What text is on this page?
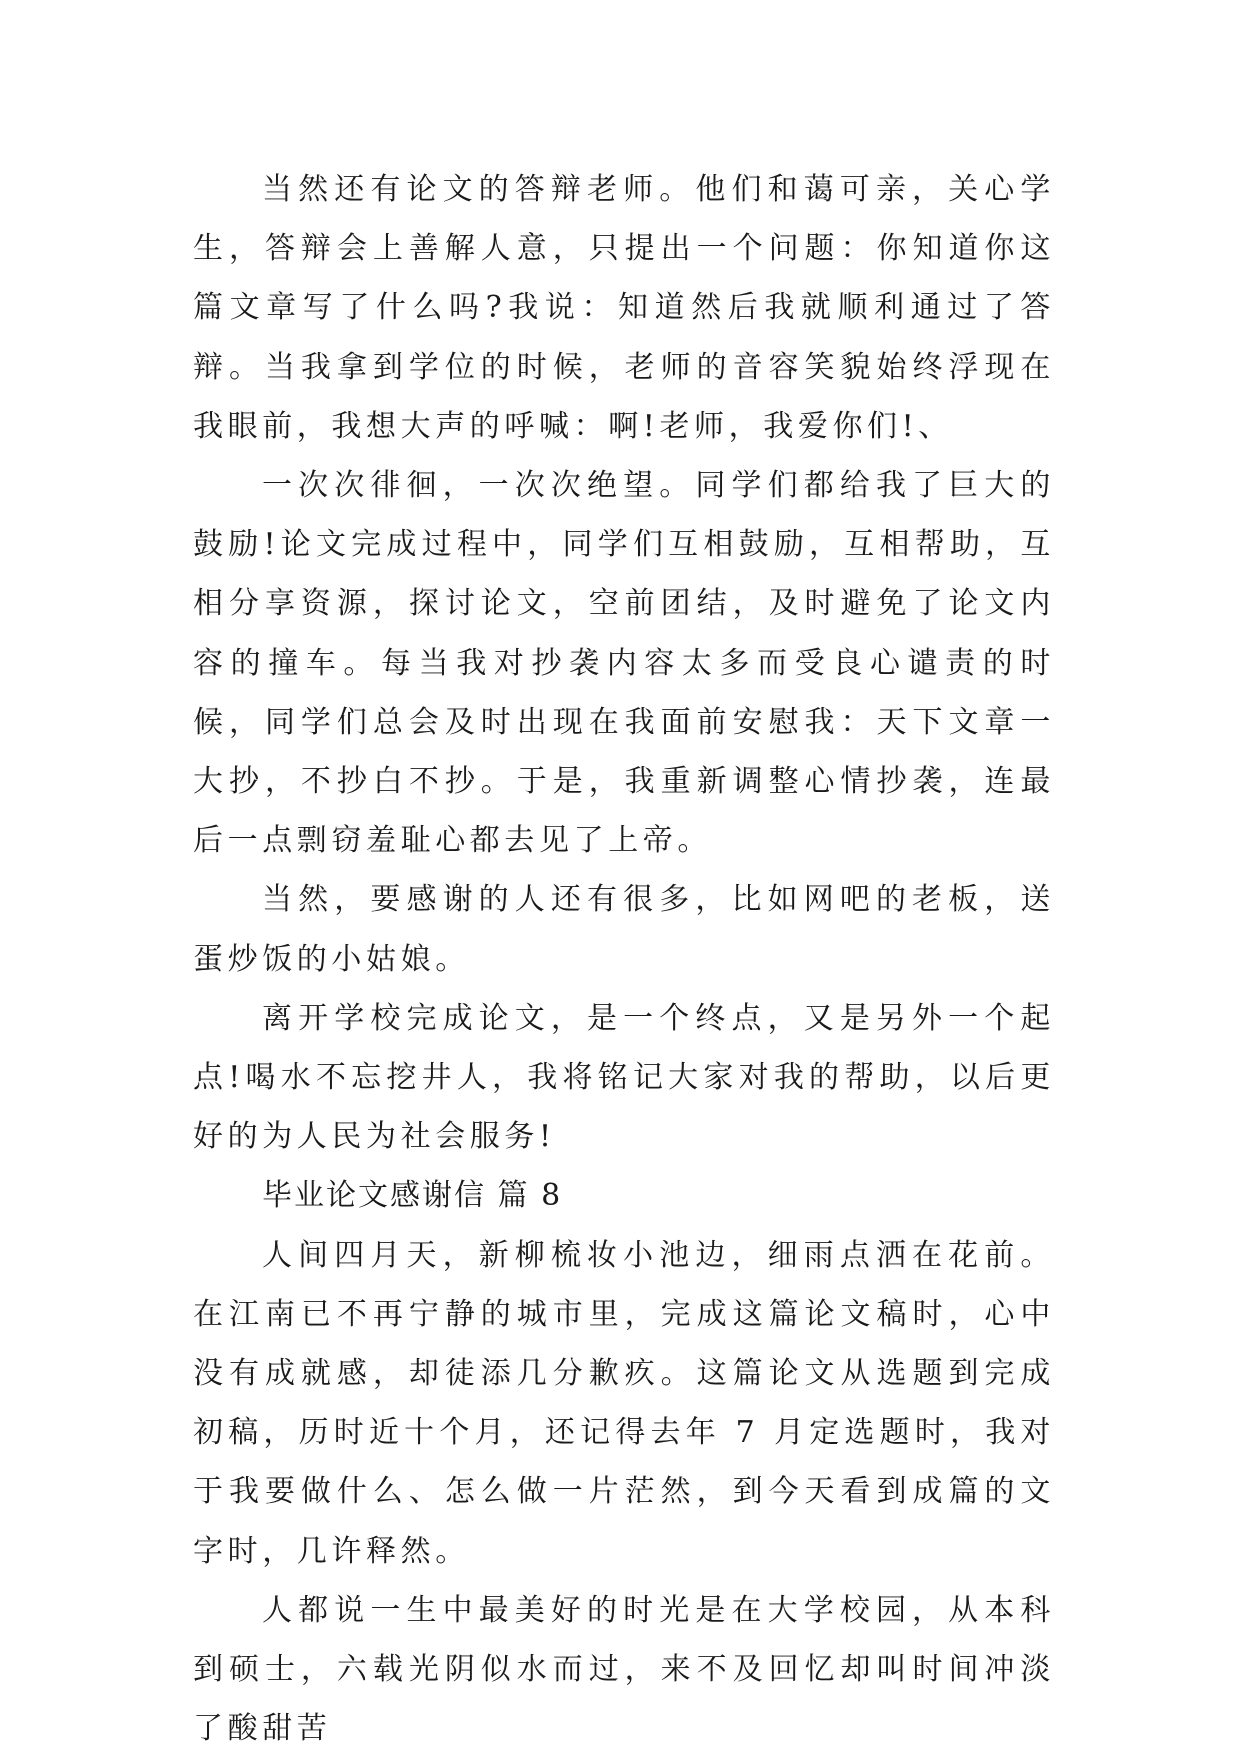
当然还有论文的答辩老师。他们和蔼可亲，关心学生，答辩会上善解人意，只提出一个问题：你知道你这篇文章写了什么吗?我说：知道然后我就顺利通过了答辩。当我拿到学位的时候，老师的音容笑貌始终浮现在我眼前，我想大声的呼喊：啊!老师，我爱你们!、

一次次徘徊，一次次绝望。同学们都给我了巨大的鼓励!论文完成过程中，同学们互相鼓励，互相帮助，互相分享资源，探讨论文，空前团结，及时避免了论文内容的撞车。每当我对抄袭内容太多而受良心谴责的时候，同学们总会及时出现在我面前安慰我：天下文章一大抄，不抄白不抄。于是，我重新调整心情抄袭，连最后一点剽窃羞耻心都去见了上帝。

当然，要感谢的人还有很多，比如网吧的老板，送蛋炒饭的小姑娘。

离开学校完成论文，是一个终点，又是另外一个起点!喝水不忘挖井人，我将铭记大家对我的帮助，以后更好的为人民为社会服务!

毕业论文感谢信 篇 8

人间四月天，新柳梳妆小池边，细雨点洒在花前。在江南已不再宁静的城市里，完成这篇论文稿时，心中没有成就感，却徒添几分歉疚。这篇论文从选题到完成初稿，历时近十个月，还记得去年 7 月定选题时，我对于我要做什么、怎么做一片茫然，到今天看到成篇的文字时，几许释然。

人都说一生中最美好的时光是在大学校园，从本科到硕士，六载光阴似水而过，来不及回忆却叫时间冲淡了酸甜苦
